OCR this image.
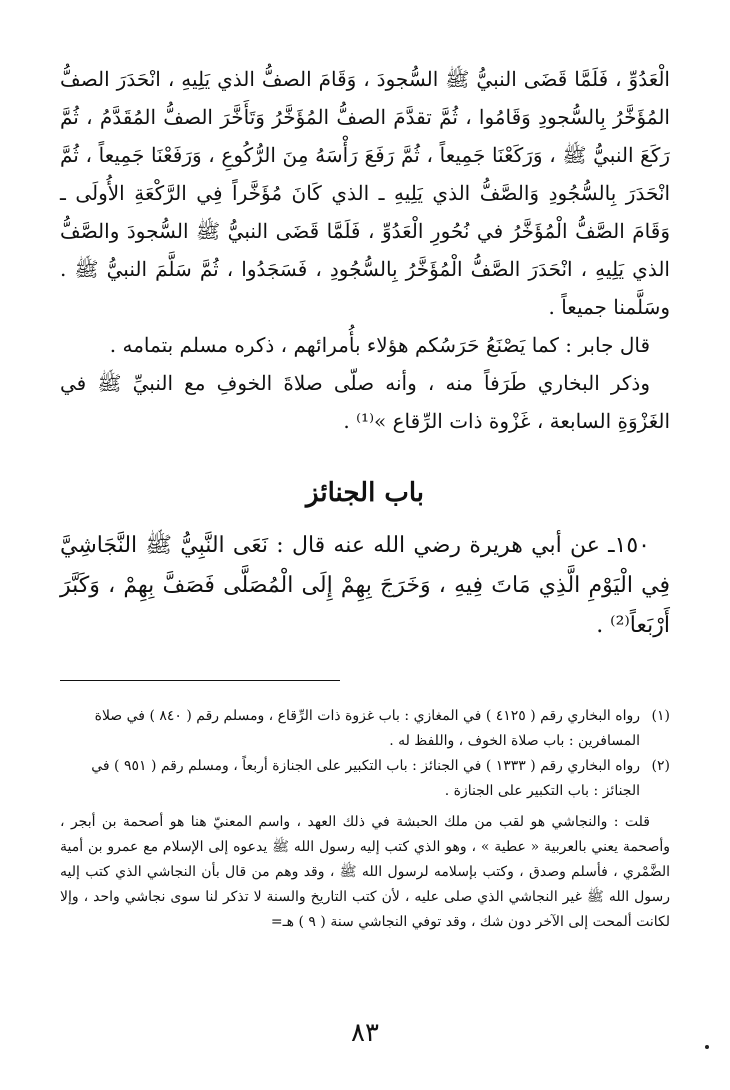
الْعَدُوِّ ، فَلَمَّا قَضَى النبيُّ ﷺ السُّجودَ ، وَقَامَ الصفُّ الذي يَلِيهِ ، انْحَدَرَ الصفُّ المُؤَخَّرُ بِالسُّجودِ وَقَامُوا ، ثُمَّ تقدَّمَ الصفُّ المُؤَخَّرُ وَتَأَخَّرَ الصفُّ المُقَدَّمُ ، ثُمَّ رَكَعَ النبيُّ ﷺ ، وَرَكَعْنَا جَمِيعاً ، ثُمَّ رَفَعَ رَأْسَهُ مِنَ الرُّكُوعِ ، وَرَفَعْنَا جَمِيعاً ، ثُمَّ انْحَدَرَ بِالسُّجُودِ وَالصَّفُّ الذي يَلِيهِ ـ الذي كَانَ مُؤَخَّراً فِي الرَّكْعَةِ الأُولَى ـ وَقَامَ الصَّفُّ الْمُؤَخَّرُ في نُحُورِ الْعَدُوِّ ، فَلَمَّا قَضَى النبيُّ ﷺ السُّجودَ والصَّفُّ الذي يَلِيهِ ، انْحَدَرَ الصَّفُّ الْمُؤَخَّرُ بِالسُّجُودِ ، فَسَجَدُوا ، ثُمَّ سَلَّمَ النبيُّ ﷺ . وسَلَّمنا جميعاً .

قال جابر : كما يَصْنَعُ حَرَسُكم هؤلاء بأُمرائهم ، ذكره مسلم بتمامه .

وذكر البخاري طَرَفاً منه ، وأنه صلّى صلاةَ الخوفِ مع النبيِّ ﷺ في الغَزْوَةِ السابعة ، غَزْوة ذات الرِّقاع »⁽¹⁾ .

باب الجنائز

١٥٠ـ عن أبي هريرة رضي الله عنه قال : نَعَى النَّبِيُّ ﷺ النَّجَاشِيَّ فِي الْيَوْمِ الَّذِي مَاتَ فِيهِ ، وَخَرَجَ بِهِمْ إِلَى الْمُصَلَّى فَصَفَّ بِهِمْ ، وَكَبَّرَ أَرْبَعاً⁽²⁾ .

(١)
رواه البخاري رقم ( ٤١٢٥ ) في المغازي : باب غزوة ذات الرِّقاع ، ومسلم رقم ( ٨٤٠ ) في صلاة المسافرين : باب صلاة الخوف ، واللفظ له .
(٢)
رواه البخاري رقم ( ١٣٣٣ ) في الجنائز : باب التكبير على الجنازة أربعاً ، ومسلم رقم ( ٩٥١ ) في الجنائز : باب التكبير على الجنازة .
قلت : والنجاشي هو لقب من ملك الحبشة في ذلك العهد ، واسم المعنيّ هنا هو أصحمة بن أبجر ، وأصحمة يعني بالعربية « عطية » ، وهو الذي كتب إليه رسول الله ﷺ يدعوه إلى الإسلام مع عمرو بن أمية الضَّمْري ، فأسلم وصدق ، وكتب بإسلامه لرسول الله ﷺ ، وقد وهم من قال بأن النجاشي الذي كتب إليه رسول الله ﷺ غير النجاشي الذي صلى عليه ، لأن كتب التاريخ والسنة لا تذكر لنا سوى نجاشي واحد ، وإلا لكانت ألمحت إلى الآخر دون شك ، وقد توفي النجاشي سنة ( ٩ ) هـ=
٨٣
